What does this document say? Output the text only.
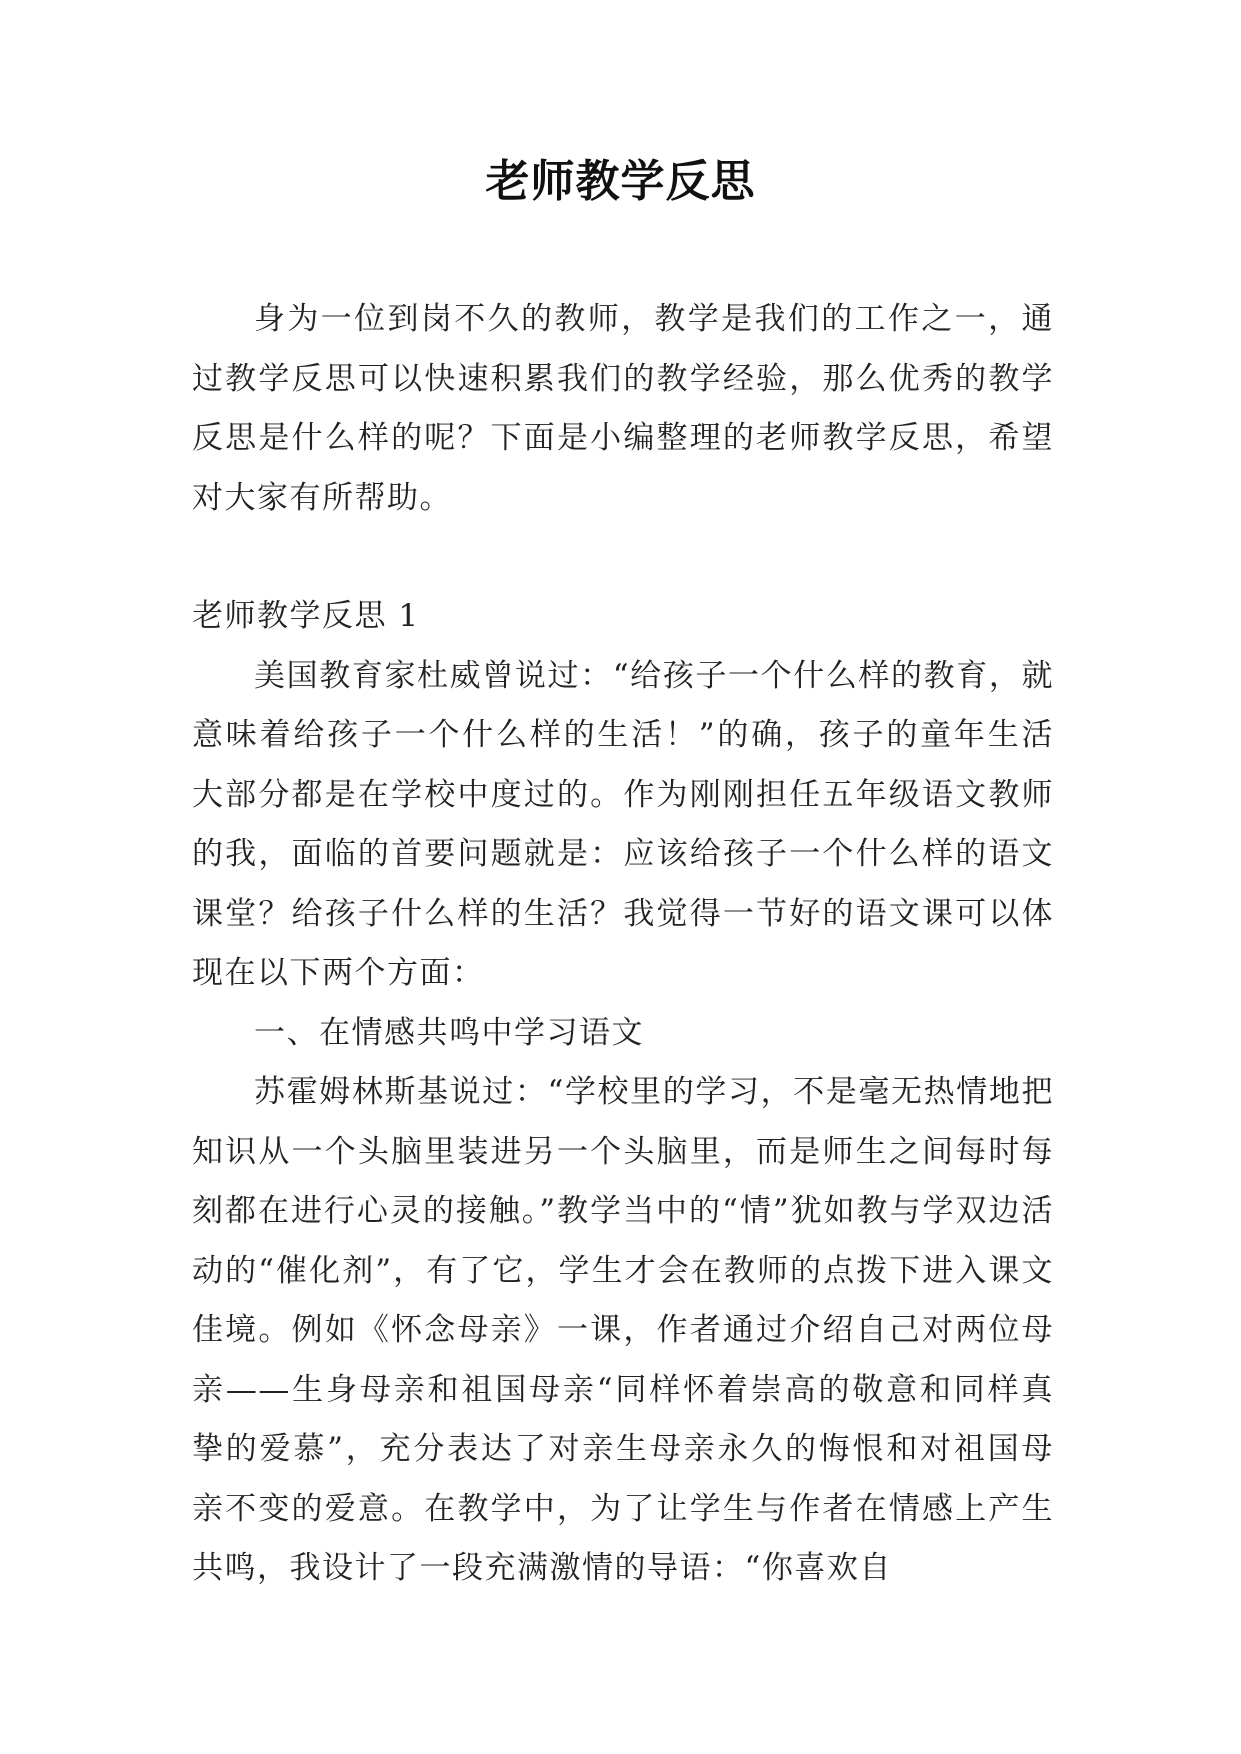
老师教学反思

身为一位到岗不久的教师，教学是我们的工作之一，通过教学反思可以快速积累我们的教学经验，那么优秀的教学反思是什么样的呢？下面是小编整理的老师教学反思，希望对大家有所帮助。

老师教学反思 1

美国教育家杜威曾说过：“给孩子一个什么样的教育，就意味着给孩子一个什么样的生活！”的确，孩子的童年生活大部分都是在学校中度过的。作为刚刚担任五年级语文教师的我，面临的首要问题就是：应该给孩子一个什么样的语文课堂？给孩子什么样的生活？我觉得一节好的语文课可以体现在以下两个方面：

一、在情感共鸣中学习语文

苏霍姆林斯基说过：“学校里的学习，不是毫无热情地把知识从一个头脑里装进另一个头脑里，而是师生之间每时每刻都在进行心灵的接触。”教学当中的“情”犹如教与学双边活动的“催化剂”，有了它，学生才会在教师的点拨下进入课文佳境。例如《怀念母亲》一课，作者通过介绍自己对两位母亲——生身母亲和祖国母亲“同样怀着崇高的敬意和同样真挚的爱慕”，充分表达了对亲生母亲永久的悔恨和对祖国母亲不变的爱意。在教学中，为了让学生与作者在情感上产生共鸣，我设计了一段充满激情的导语：“你喜欢自
